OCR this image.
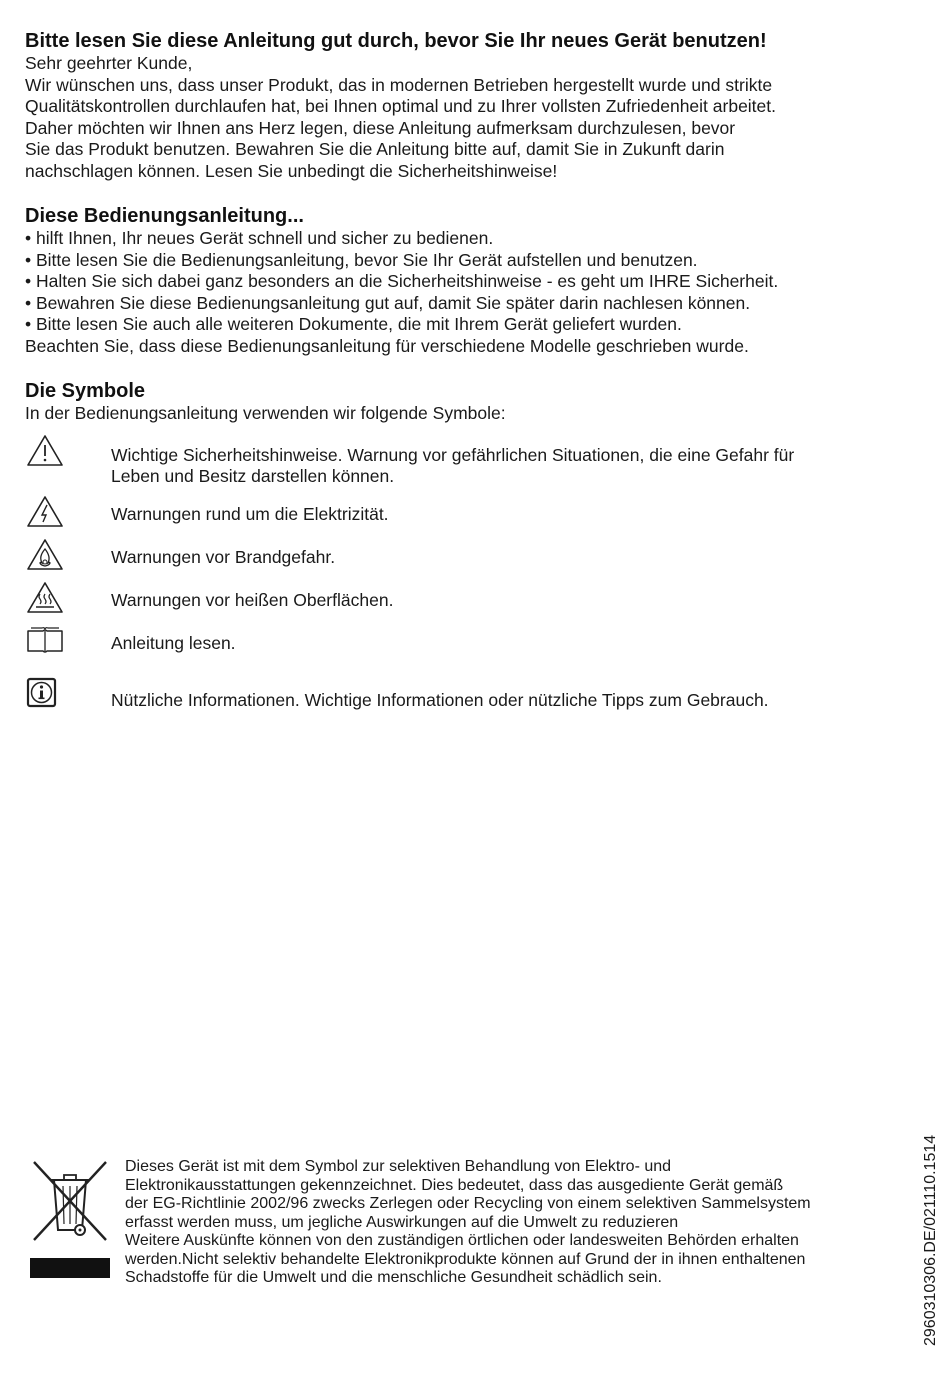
Bitte lesen Sie diese Anleitung gut durch, bevor Sie Ihr neues Gerät benutzen!

Sehr geehrter Kunde,

Wir wünschen uns, dass unser Produkt, das in modernen Betrieben hergestellt wurde und strikte

Qualitätskontrollen durchlaufen hat, bei Ihnen optimal und zu Ihrer vollsten Zufriedenheit arbeitet.

Daher möchten wir Ihnen ans Herz legen, diese Anleitung aufmerksam durchzulesen, bevor

Sie das Produkt benutzen. Bewahren Sie die Anleitung bitte auf, damit Sie in Zukunft darin

nachschlagen können. Lesen Sie unbedingt die Sicherheitshinweise!

Diese Bedienungsanleitung...
• hilft Ihnen, Ihr neues Gerät schnell und sicher zu bedienen.
• Bitte lesen Sie die Bedienungsanleitung, bevor Sie Ihr Gerät aufstellen und benutzen.
• Halten Sie sich dabei ganz besonders an die Sicherheitshinweise - es geht um IHRE Sicherheit.
• Bewahren Sie diese Bedienungsanleitung gut auf, damit Sie später darin nachlesen können.
• Bitte lesen Sie auch alle weiteren Dokumente, die mit Ihrem Gerät geliefert wurden.

Beachten Sie, dass diese Bedienungsanleitung für verschiedene Modelle geschrieben wurde.

Die Symbole

In der Bedienungsanleitung verwenden wir folgende Symbole:

Wichtige Sicherheitshinweise. Warnung vor gefährlichen Situationen, die eine Gefahr für
Leben und Besitz darstellen können.
Warnungen rund um die Elektrizität.
Warnungen vor Brandgefahr.
Warnungen vor heißen Oberflächen.
Anleitung lesen.
Nützliche Informationen. Wichtige Informationen oder nützliche Tipps zum Gebrauch.
Dieses Gerät ist mit dem Symbol zur selektiven Behandlung von Elektro- und
Elektronikausstattungen gekennzeichnet. Dies bedeutet, dass das ausgediente Gerät gemäß
der EG-Richtlinie 2002/96 zwecks Zerlegen oder Recycling von einem selektiven Sammelsystem
erfasst werden muss, um jegliche Auswirkungen auf die Umwelt zu reduzieren
Weitere Auskünfte können von den zuständigen örtlichen oder landesweiten Behörden erhalten
werden.Nicht selektiv behandelte Elektronikprodukte können auf Grund der in ihnen enthaltenen
Schadstoffe für die Umwelt und die menschliche Gesundheit schädlich sein.	2960310306.DE/021110.1514
